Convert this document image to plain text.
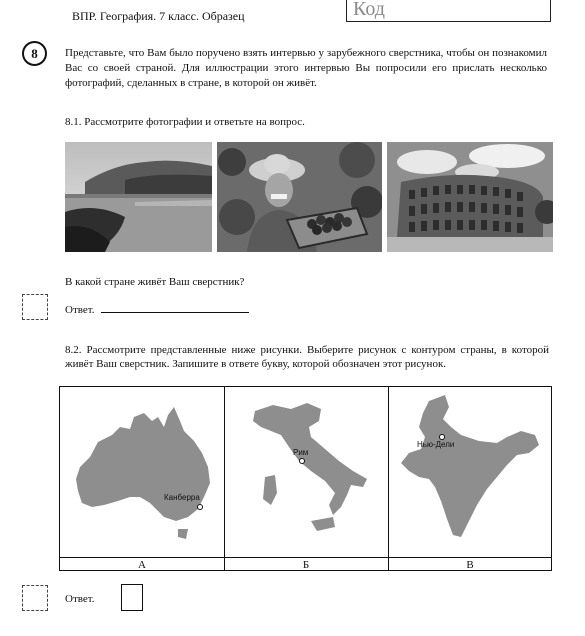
ВПР. География. 7 класс. Образец	Код
8	Представьте, что Вам было поручено взять интервью у зарубежного сверстника, чтобы он познакомил Вас со своей страной. Для иллюстрации этого интервью Вы попросили его прислать несколько фотографий, сделанных в стране, в которой он живёт.
8.1. Рассмотрите фотографии и ответьте на вопрос.
В какой стране живёт Ваш сверстник?
Ответ.
8.2. Рассмотрите представленные ниже рисунки. Выберите рисунок с контуром страны, в которой живёт Ваш сверстник. Запишите в ответе букву, которой обозначен этот рисунок.
Канберра
А
Рим
Б
Нью-Дели
В
Ответ.
